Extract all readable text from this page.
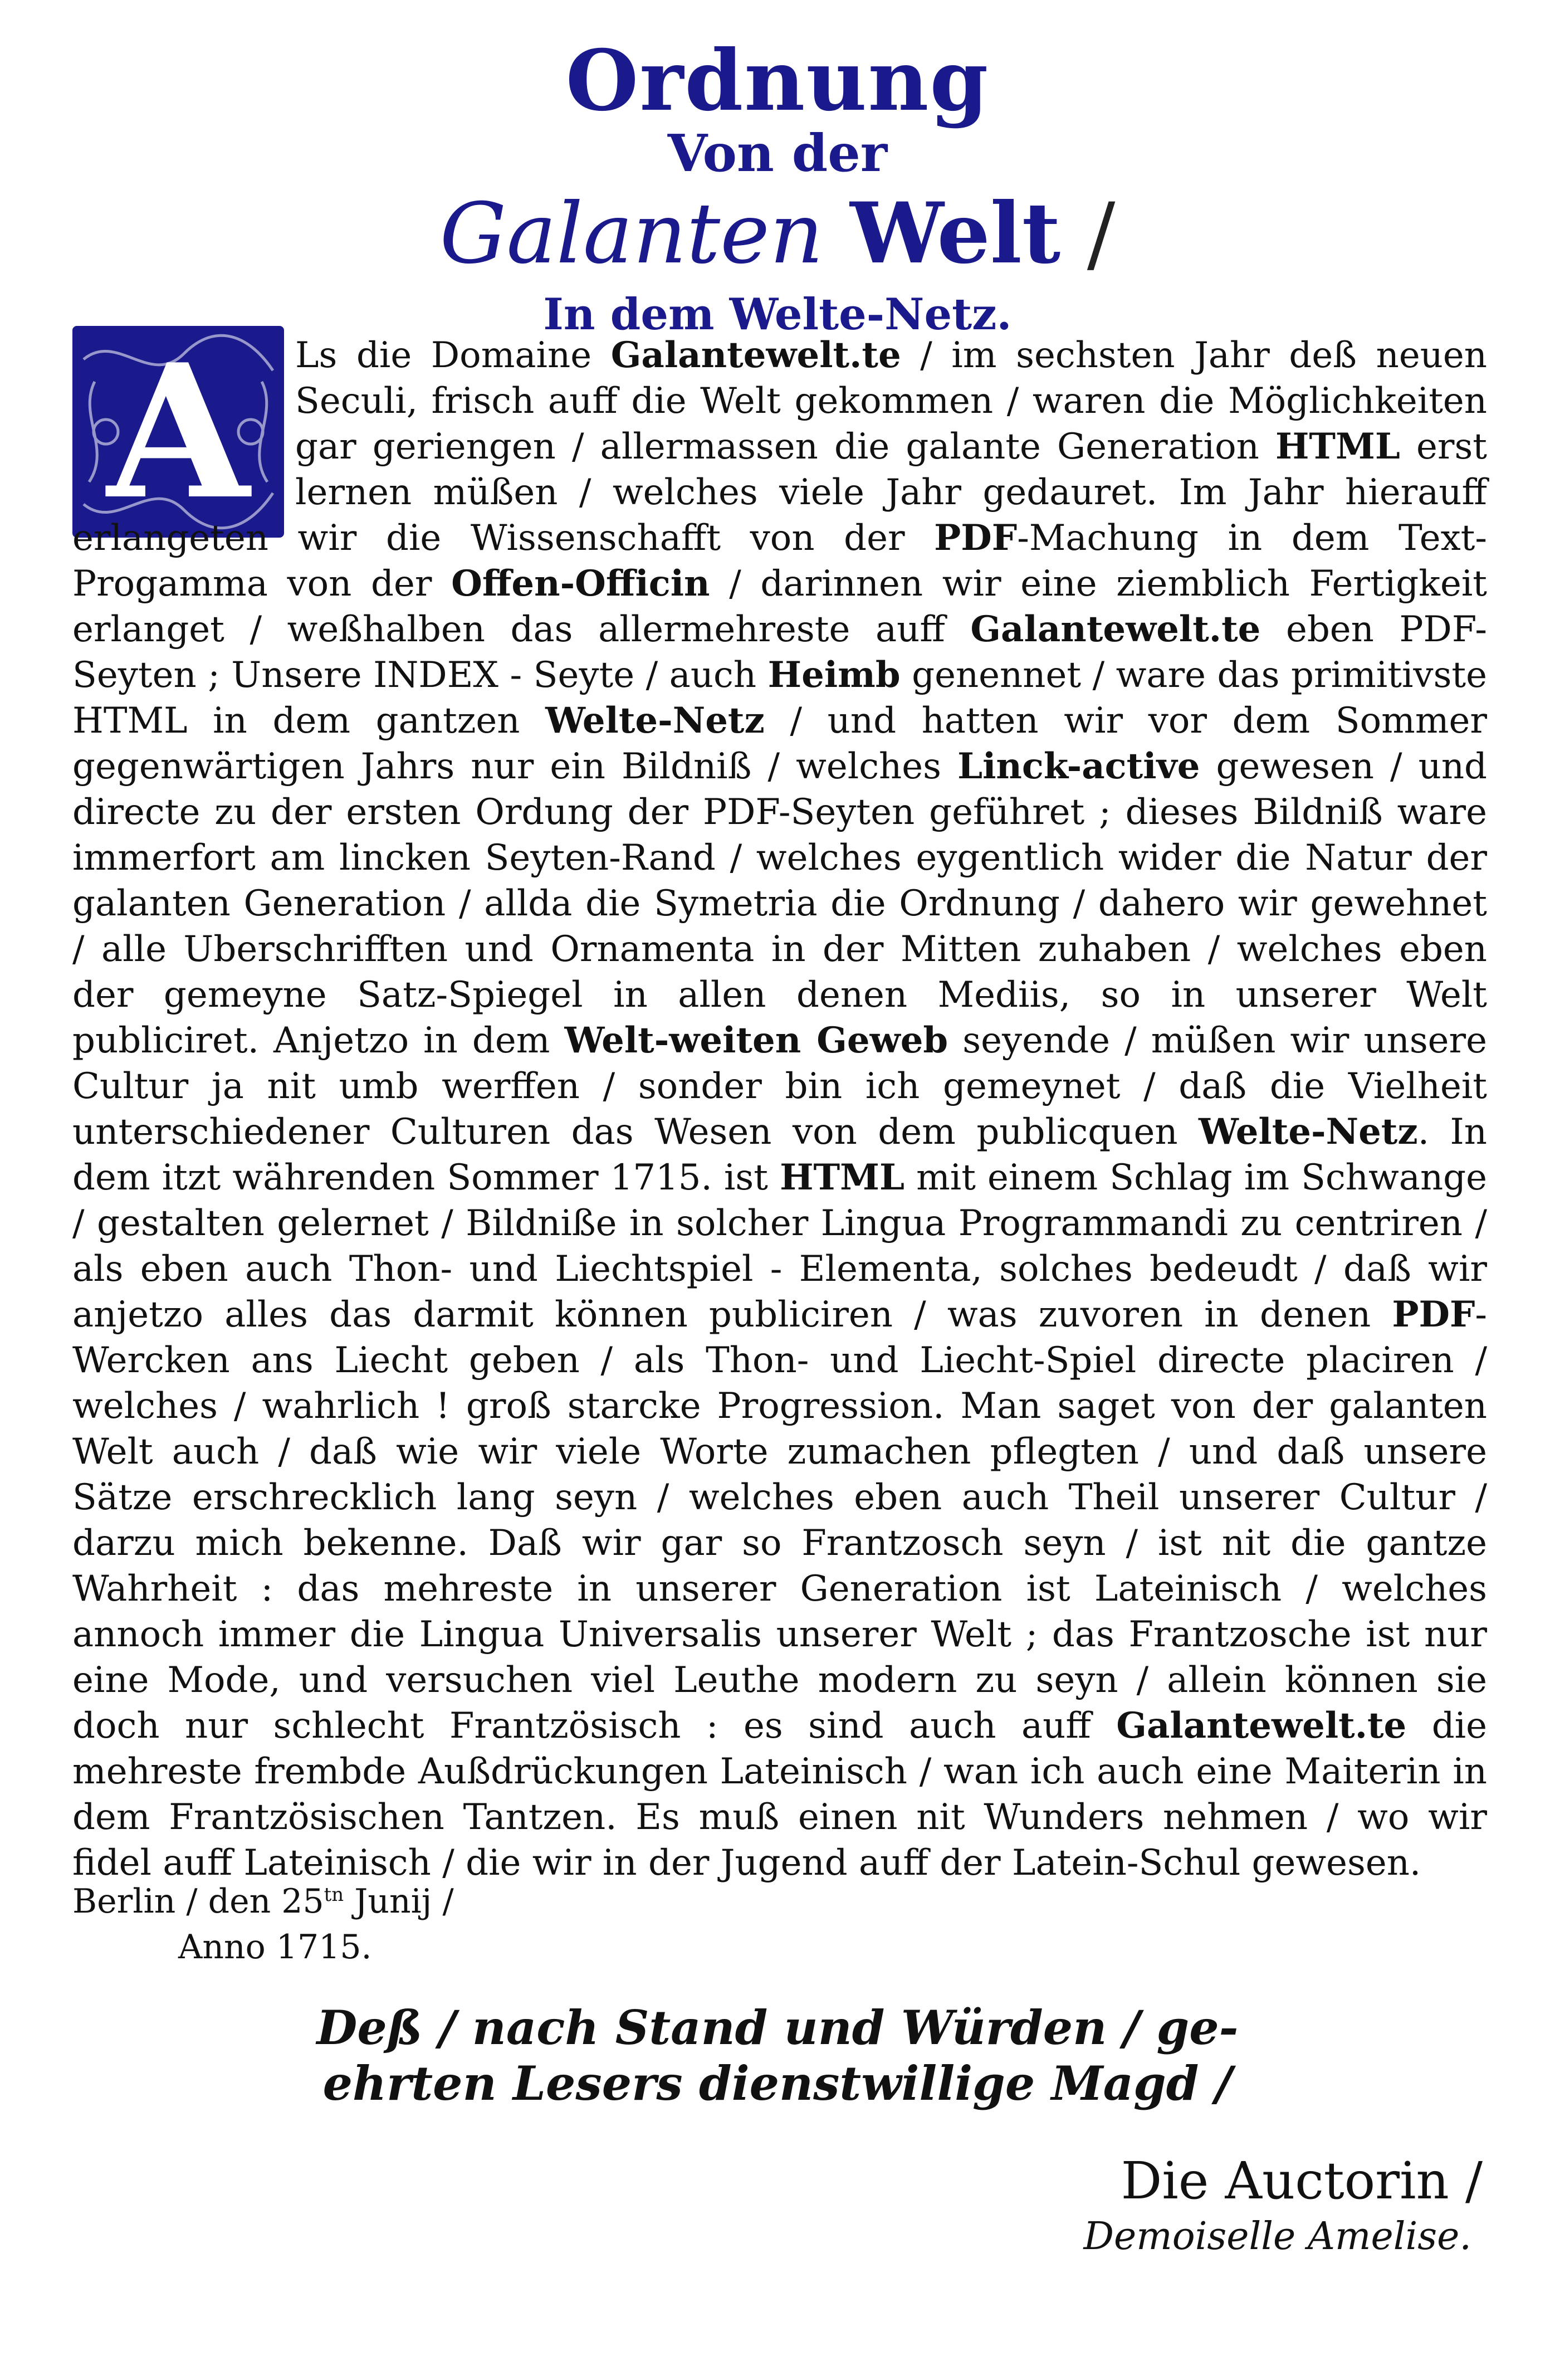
Ordnung
Von der
Galanten Welt /
In dem Welte-Netz.
A	Ls die Domaine Galantewelt.te / im sechsten Jahr deß neuen Seculi, frisch auff die Welt gekommen / waren die Möglichkeiten gar geriengen / allermassen die galante Generation HTML erst lernen müßen / welches viele Jahr gedauret. Im Jahr hierauff erlangeten wir die Wissenschafft von der PDF-Machung in dem Text-Progamma von der Offen-Officin / darinnen wir eine ziemblich Fertigkeit erlanget / weßhalben das allermehreste auff Galantewelt.te eben PDF-Seyten ; Unsere INDEX - Seyte / auch Heimb genennet / ware das primitivste HTML in dem gantzen Welte-Netz / und hatten wir vor dem Sommer gegenwärtigen Jahrs nur ein Bildniß / welches Linck-active gewesen / und directe zu der ersten Ordung der PDF-Seyten geführet ; dieses Bildniß ware immerfort am lincken Seyten-Rand / welches eygentlich wider die Natur der galanten Generation / allda die Symetria die Ordnung / dahero wir gewehnet / alle Uberschrifften und Ornamenta in der Mitten zuhaben / welches eben der gemeyne Satz-Spiegel in allen denen Mediis, so in unserer Welt publiciret. Anjetzo in dem Welt-weiten Geweb seyende / müßen wir unsere Cultur ja nit umb werffen / sonder bin ich gemeynet / daß die Vielheit unterschiedener Culturen das Wesen von dem publicquen Welte-Netz. In dem itzt währenden Sommer 1715. ist HTML mit einem Schlag im Schwange / gestalten gelernet / Bildniße in solcher Lingua Programmandi zu centriren / als eben auch Thon- und Liechtspiel - Elementa, solches bedeudt / daß wir anjetzo alles das darmit können publiciren / was zuvoren in denen PDF-Wercken ans Liecht geben / als Thon- und Liecht-Spiel directe placiren / welches / wahrlich ! groß starcke Progression. Man saget von der galanten Welt auch / daß wie wir viele Worte zumachen pflegten / und daß unsere Sätze erschrecklich lang seyn / welches eben auch Theil unserer Cultur / darzu mich bekenne. Daß wir gar so Frantzosch seyn / ist nit die gantze Wahrheit : das mehreste in unserer Generation ist Lateinisch / welches annoch immer die Lingua Universalis unserer Welt ; das Frantzosche ist nur eine Mode, und versuchen viel Leuthe modern zu seyn / allein können sie doch nur schlecht Frantzösisch : es sind auch auff Galantewelt.te die mehreste frembde Außdrückungen Lateinisch / wan ich auch eine Maiterin in dem Frantzösischen Tantzen. Es muß einen nit Wunders nehmen / wo wir fidel auff Lateinisch / die wir in der Jugend auff der Latein-Schul gewesen.
Berlin / den $25^{tn}$ Junij /
Anno 1715.
Deß / nach Stand und Würden / ge-
ehrten Lesers dienstwillige Magd /
Die Auctorin /
Demoiselle Amelise.
